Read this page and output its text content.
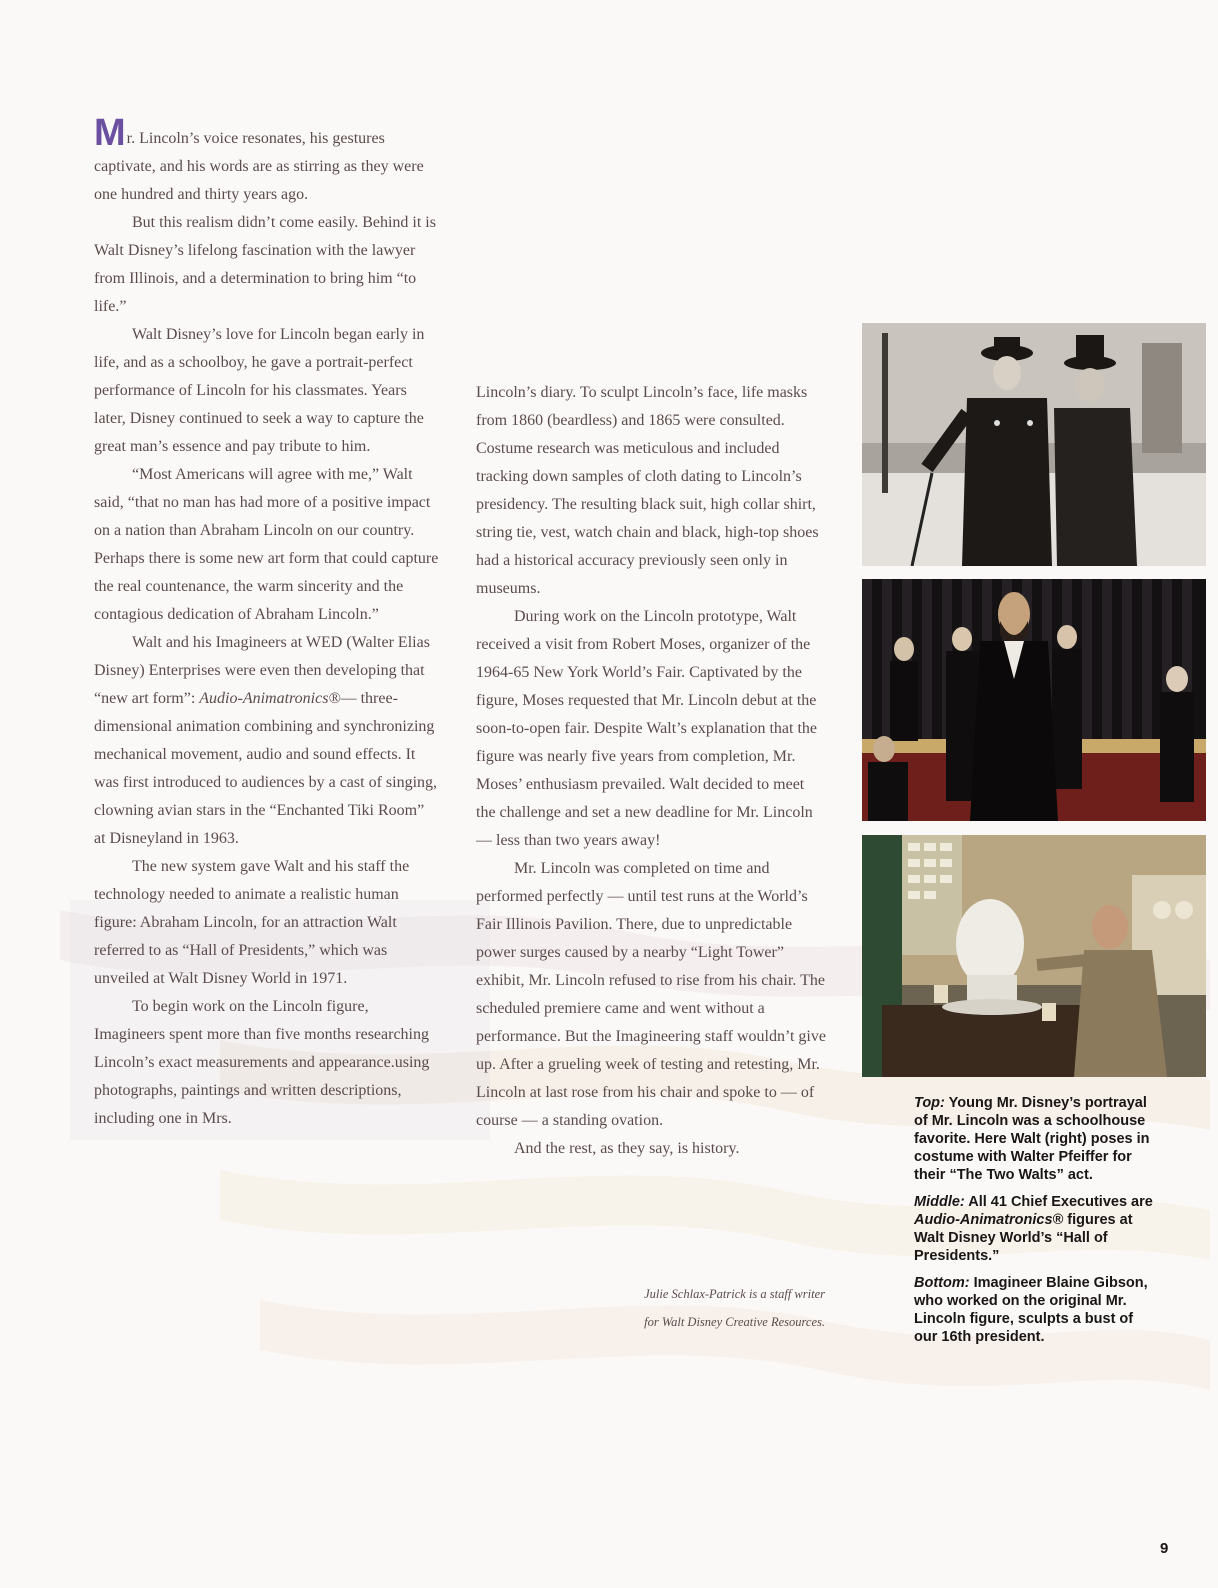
Mr. Lincoln’s voice resonates, his gestures captivate, and his words are as stirring as they were one hundred and thirty years ago.

But this realism didn’t come easily. Behind it is Walt Disney’s lifelong fascination with the lawyer from Illinois, and a determination to bring him “to life.”

Walt Disney’s love for Lincoln began early in life, and as a schoolboy, he gave a portrait-perfect performance of Lincoln for his classmates. Years later, Disney continued to seek a way to capture the great man’s essence and pay tribute to him.

“Most Americans will agree with me,” Walt said, “that no man has had more of a positive impact on a nation than Abraham Lincoln on our country. Perhaps there is some new art form that could capture the real countenance, the warm sincerity and the contagious dedication of Abraham Lincoln.”

Walt and his Imagineers at WED (Walter Elias Disney) Enterprises were even then developing that “new art form”: Audio-Animatronics®— three-dimensional animation combining and synchronizing mechanical movement, audio and sound effects. It was first introduced to audiences by a cast of singing, clowning avian stars in the “Enchanted Tiki Room” at Disneyland in 1963.

The new system gave Walt and his staff the technology needed to animate a realistic human figure: Abraham Lincoln, for an attraction Walt referred to as “Hall of Presidents,” which was unveiled at Walt Disney World in 1971.

To begin work on the Lincoln figure, Imagineers spent more than five months researching Lincoln’s exact measurements and appearance.using photographs, paintings and written descriptions, including one in Mrs.

Lincoln’s diary. To sculpt Lincoln’s face, life masks from 1860 (beardless) and 1865 were consulted. Costume research was meticulous and included tracking down samples of cloth dating to Lincoln’s presidency. The resulting black suit, high collar shirt, string tie, vest, watch chain and black, high-top shoes had a historical accuracy previously seen only in museums.

During work on the Lincoln prototype, Walt received a visit from Robert Moses, organizer of the 1964-65 New York World’s Fair. Captivated by the figure, Moses requested that Mr. Lincoln debut at the soon-to-open fair. Despite Walt’s explanation that the figure was nearly five years from completion, Mr. Moses’ enthusiasm prevailed. Walt decided to meet the challenge and set a new deadline for Mr. Lincoln — less than two years away!

Mr. Lincoln was completed on time and performed perfectly — until test runs at the World’s Fair Illinois Pavilion. There, due to unpredictable power surges caused by a nearby “Light Tower” exhibit, Mr. Lincoln refused to rise from his chair. The scheduled premiere came and went without a performance. But the Imagineering staff wouldn’t give up. After a grueling week of testing and retesting, Mr. Lincoln at last rose from his chair and spoke to — of course — a standing ovation.

And the rest, as they say, is history.

Julie Schlax-Patrick is a staff writer
for Walt Disney Creative Resources.

Top: Young Mr. Disney’s portrayal of Mr. Lincoln was a schoolhouse favorite. Here Walt (right) poses in costume with Walter Pfeiffer for their “The Two Walts” act.

Middle: All 41 Chief Executives are Audio-Animatronics® figures at Walt Disney World’s “Hall of Presidents.”

Bottom: Imagineer Blaine Gibson, who worked on the original Mr. Lincoln figure, sculpts a bust of our 16th president.

9
